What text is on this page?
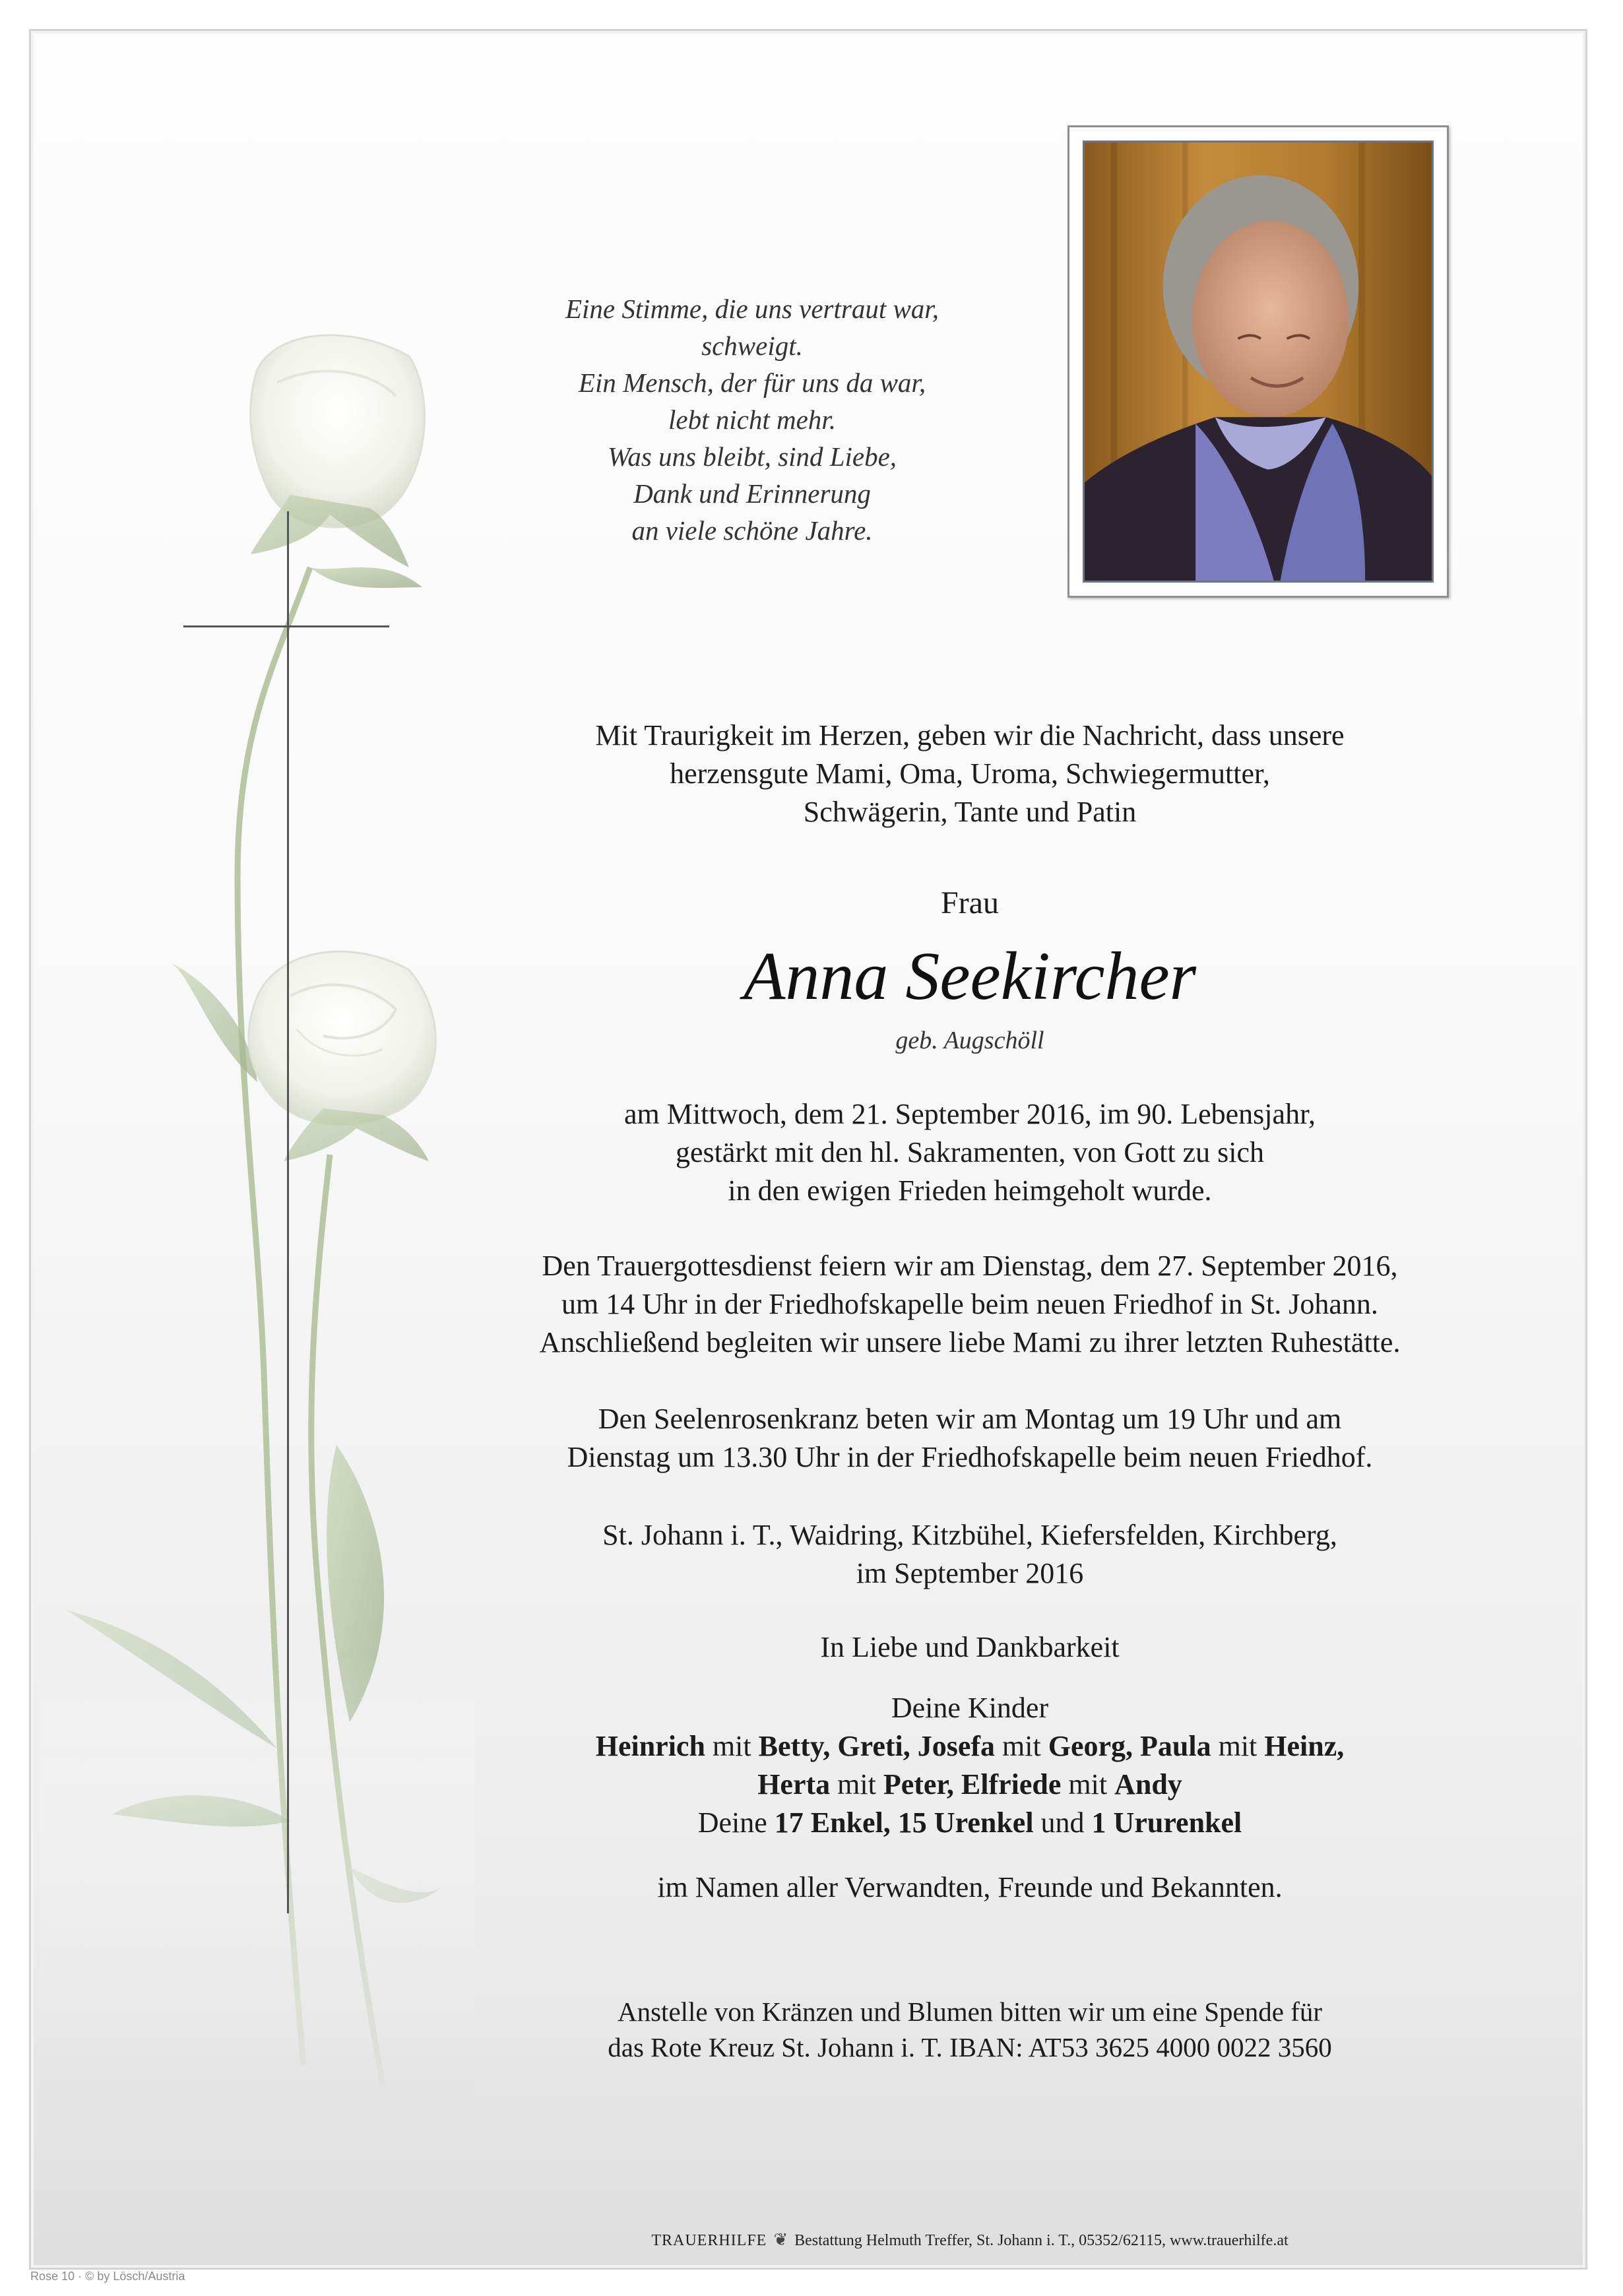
Eine Stimme, die uns vertraut war,
schweigt.
Ein Mensch, der für uns da war,
lebt nicht mehr.
Was uns bleibt, sind Liebe,
Dank und Erinnerung
an viele schöne Jahre.
Mit Traurigkeit im Herzen, geben wir die Nachricht, dass unsere
herzensgute Mami, Oma, Uroma, Schwiegermutter,
Schwägerin, Tante und Patin
Frau
Anna Seekircher
geb. Augschöll
am Mittwoch, dem 21. September 2016, im 90. Lebensjahr,
gestärkt mit den hl. Sakramenten, von Gott zu sich
in den ewigen Frieden heimgeholt wurde.
Den Trauergottesdienst feiern wir am Dienstag, dem 27. September 2016,
um 14 Uhr in der Friedhofskapelle beim neuen Friedhof in St. Johann.
Anschließend begleiten wir unsere liebe Mami zu ihrer letzten Ruhestätte.
Den Seelenrosenkranz beten wir am Montag um 19 Uhr und am
Dienstag um 13.30 Uhr in der Friedhofskapelle beim neuen Friedhof.
St. Johann i. T., Waidring, Kitzbühel, Kiefersfelden, Kirchberg,
im September 2016
In Liebe und Dankbarkeit
Deine Kinder
Heinrich mit Betty, Greti, Josefa mit Georg, Paula mit Heinz,
Herta mit Peter, Elfriede mit Andy
Deine 17 Enkel, 15 Urenkel und 1 Ururenkel
im Namen aller Verwandten, Freunde und Bekannten.
Anstelle von Kränzen und Blumen bitten wir um eine Spende für
das Rote Kreuz St. Johann i. T. IBAN: AT53 3625 4000 0022 3560
TRAUERHILFE ❦ Bestattung Helmuth Treffer, St. Johann i. T., 05352/62115, www.trauerhilfe.at
Rose 10 · © by Lösch/Austria
